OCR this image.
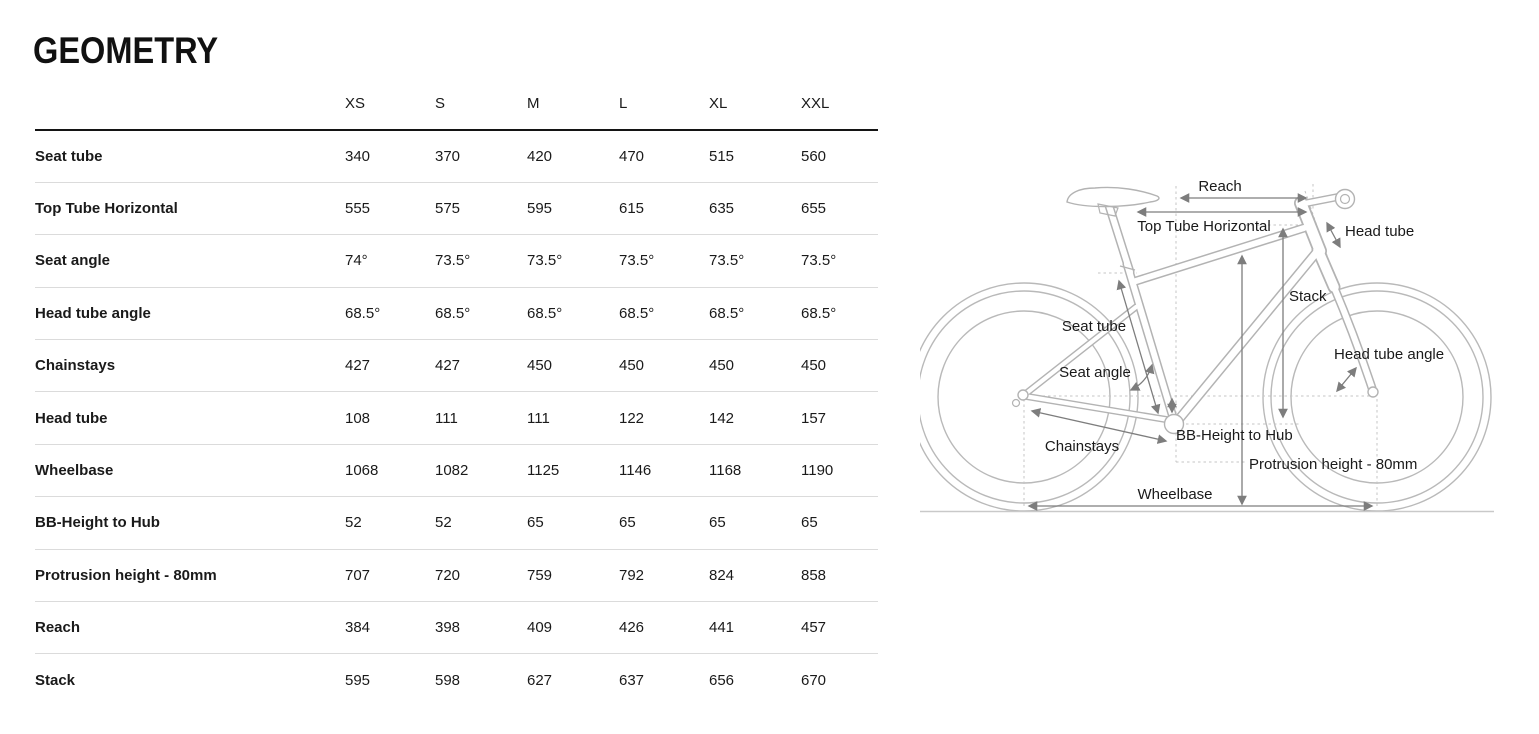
GEOMETRY
	XS	S	M	L	XL	XXL
Seat tube	340	370	420	470	515	560
Top Tube Horizontal	555	575	595	615	635	655
Seat angle	74°	73.5°	73.5°	73.5°	73.5°	73.5°
Head tube angle	68.5°	68.5°	68.5°	68.5°	68.5°	68.5°
Chainstays	427	427	450	450	450	450
Head tube	108	111	111	122	142	157
Wheelbase	1068	1082	1125	1146	1168	1190
BB-Height to Hub	52	52	65	65	65	65
Protrusion height - 80mm	707	720	759	792	824	858
Reach	384	398	409	426	441	457
Stack	595	598	627	637	656	670
Reach
Top Tube Horizontal	Head tube
Stack
Seat tube
Head tube angle
Seat angle
BB-Height to Hub
Chainstays
Protrusion height - 80mm
Wheelbase
